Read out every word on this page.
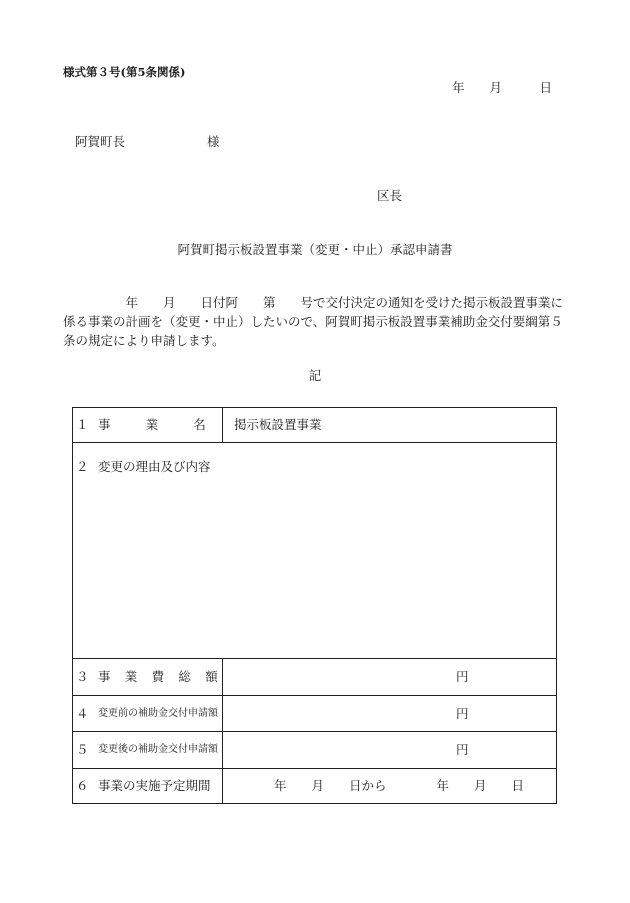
様式第３号(第5条関係)
年　　月　　　日
阿賀町長	様
区長
阿賀町掲示板設置事業（変更・中止）承認申請書
　　　　　年　　月　　日付阿　　第　　号で交付決定の通知を受けた掲示板設置事業に
係る事業の計画を（変更・中止）したいので、阿賀町掲示板設置事業補助金交付要綱第５
条の規定により申請します。
記
１ 事　　　業　　　名 掲示板設置事業
２ 変更の理由及び内容
３ 事　業　費　総　額	円
４ 変更前の補助金交付申請額	円
５ 変更後の補助金交付申請額	円
６ 事業の実施予定期間	年　　月　　日から　　　　年　　月　　日
